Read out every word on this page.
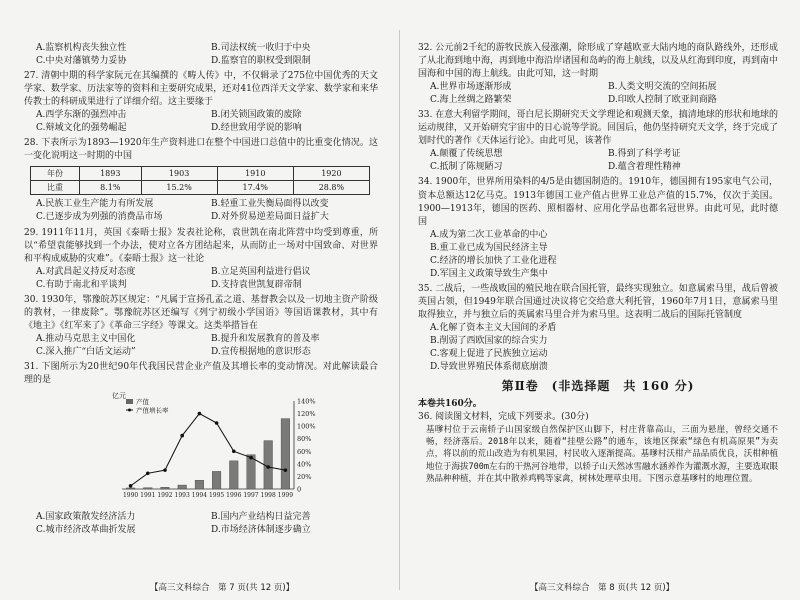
A.监察机构丧失独立性	B.司法权统一收归于中央
C.中央对藩镇势力妥协	D.监察官的职权受到限制

27. 清朝中期的科学家阮元在其编撰的《畴人传》中，不仅辑录了275位中国优秀的天文学家、数学家、历法家等的资料和主要研究成果，还对41位西洋天文学家、数学家和来华传教士的科研成果进行了详细介绍。这主要缘于

A.西学东渐的强烈冲击	B.闭关锁国政策的废除
C.辩域文化的强势崛起	D.经世致用学说的影响

28. 下表所示为1893—1920年生产资料进口在整个中国进口总值中的比重变化情况。这一变化说明这一时期的中国

年份	1893	1903	1910	1920
比重	8.1%	15.2%	17.4%	28.8%
A.民族工业生产能力有所发展	B.轻重工业失衡局面得以改变
C.已逐步成为列强的消费品市场	D.对外贸易逆差局面日益扩大

29. 1911年11月，英国《泰晤士报》发表社论称，袁世凯在南北阵营中均受到尊重，所以“希望袁能够找到一个办法，使对立各方团结起来，从而防止一场对中国致命、对世界和平构成威胁的灾难”。《泰晤士报》这一社论

A.对武昌起义持反对态度	B.立足英国利益进行倡议
C.有助于南北和平谈判	D.支持袁世凯复辟帝制

30. 1930年，鄂豫皖苏区规定：“凡属于宣扬孔孟之道、基督教会以及一切地主资产阶级的教材，一律废除”。鄂豫皖苏区还编写《列宁初级小学国语》等国语课教材，其中有《地主》《红军来了》《革命三字经》等课文。这类举措旨在

A.推动马克思主义中国化	B.提升和发展教育的普及率
C.深入推广“白话文运动”	D.宣传根据地的意识形态

31. 下图所示为20世纪90年代我国民营企业产值及其增长率的变动情况。对此解读最合理的是

亿元
140%
120%
100%
80%
60%
40%
20%
0
产值
产值增长率
1990 1991 1992 1993 1994 1995 1996 1997 1998 1999
A.国家政策散发经济活力	B.国内产业结构日益完善
C.城市经济改革曲折发展	D.市场经济体制逐步确立
【高三文科综合　第 7 页(共 12 页)】

32. 公元前2千纪的游牧民族入侵涨潮，除形成了穿越欧亚大陆内地的商队路线外，还形成了从北海到地中海，再到地中海沿岸诸国和岛屿的海上航线，以及从红海到印度，再到南中国海和中国的海上航线。由此可知，这一时期

A.世界市场逐渐形成	B.人类文明交流的空间拓展
C.海上丝绸之路繁荣	D.印欧人控制了欧亚间商路

33. 在意大利留学期间，哥白尼长期研究天文学理论和观测天象，搞清地球的形状和地球的运动规律，又开始研究宇宙中的日心说等学说。回国后，他仍坚持研究天文学，终于完成了划时代的著作《天体运行论》。由此可见，该著作

A.颠覆了传统思想	B.得到了科学考证
C.抵制了陈规陋习	D.蕴含着理性精神

34. 1900年，世界所用染料的4/5是由德国制造的。1910年，德国拥有195家电气公司，资本总额达12亿马克。1913年德国工业产值占世界工业总产值的15.7%，仅次于美国。1900—1913年，德国的医药、照相器材、应用化学品也都名冠世界。由此可见，此时德国

A.成为第二次工业革命的中心
B.重工业已成为国民经济主导
C.经济的增长加快了工业化进程
D.军国主义政策导致生产集中

35. 二战后，一些战败国的殖民地在联合国托管，最终实现独立。如意属索马里，战后曾被英国占领，但1949年联合国通过决议将它交给意大利托管，1960年7月1日，意属索马里取得独立，并与独立后的英属索马里合并为索马里。这表明二战后的国际托管制度

A.化解了资本主义大国间的矛盾
B.削弱了西欧国家的综合实力
C.客观上促进了民族独立运动
D.导致世界殖民体系彻底崩溃
第Ⅱ卷　(非选择题　共 160 分)

本卷共160分。

36. 阅读图文材料，完成下列要求。(30分)

基嗲村位于云南轿子山国家级自然保护区山脚下，村庄背靠高山，三面为悬崖，曾经交通不畅，经济落后。2018年以来，随着“挂壁公路”的通车，该地区探索“绿色有机高原果”为卖点，将以前的荒山改造为有机果园，村民收入逐渐提高。基嗲村沃柑产品品质优良，沃柑种植地位于海拔700m左右的干热河谷地带，以轿子山天然冰雪融水涵养作为灌溉水源，主要选取眼熟品种种植，并在其中散养鸡鸭等家禽，树林处理草虫用。下图示意基嗲村的地理位置。

【高三文科综合　第 8 页(共 12 页)】
